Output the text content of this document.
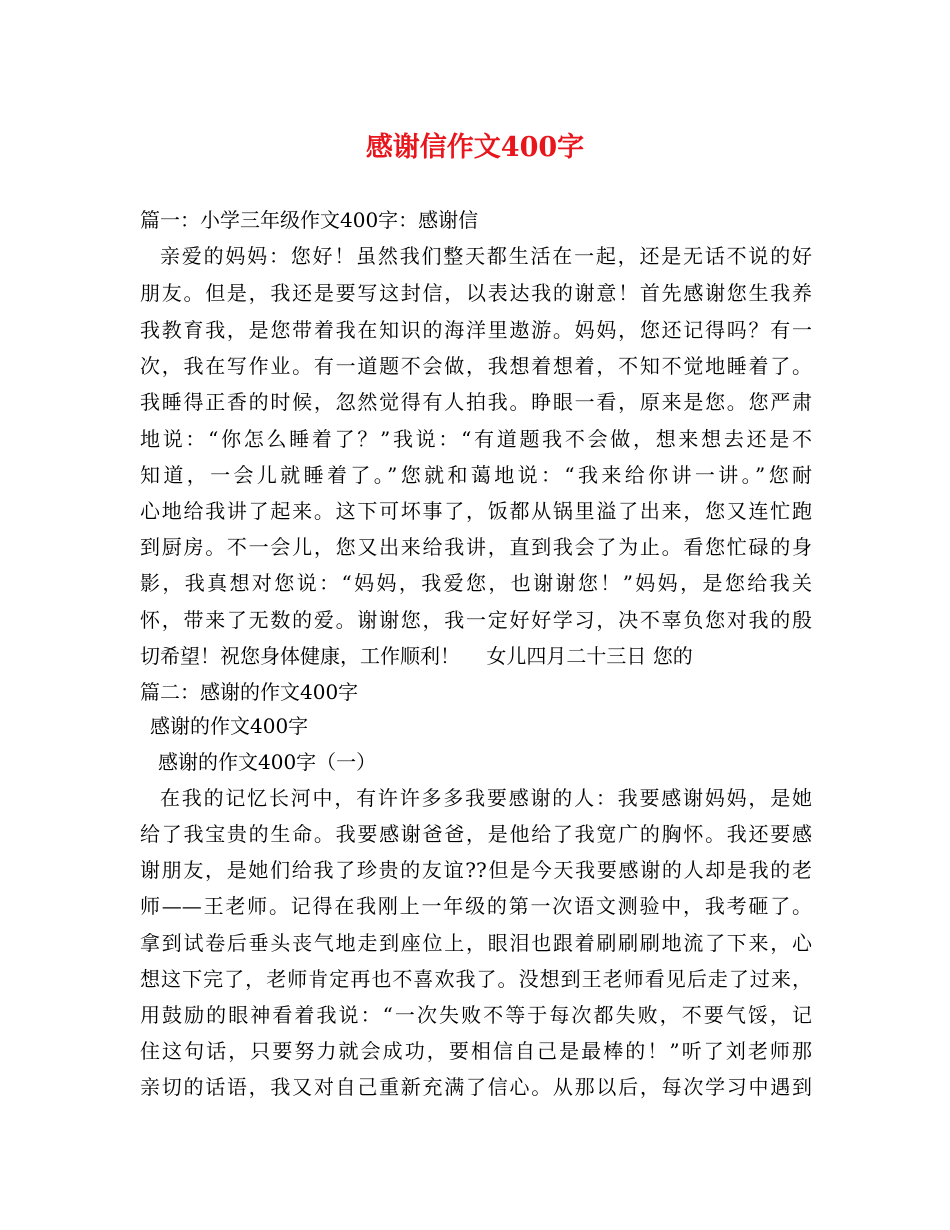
感谢信作文400字
篇一：小学三年级作文400字：感谢信
亲爱的妈妈：您好！虽然我们整天都生活在一起，还是无话不说的好
朋友。但是，我还是要写这封信，以表达我的谢意！首先感谢您生我养
我教育我，是您带着我在知识的海洋里遨游。妈妈，您还记得吗？有一
次，我在写作业。有一道题不会做，我想着想着，不知不觉地睡着了。
我睡得正香的时候，忽然觉得有人拍我。睁眼一看，原来是您。您严肃
地说：“你怎么睡着了？”我说：“有道题我不会做，想来想去还是不
知道，一会儿就睡着了。”您就和蔼地说：“我来给你讲一讲。”您耐
心地给我讲了起来。这下可坏事了，饭都从锅里溢了出来，您又连忙跑
到厨房。不一会儿，您又出来给我讲，直到我会了为止。看您忙碌的身
影，我真想对您说：“妈妈，我爱您，也谢谢您！”妈妈，是您给我关
怀，带来了无数的爱。谢谢您，我一定好好学习，决不辜负您对我的殷
切希望！祝您身体健康，工作顺利！　 女儿四月二十三日 您的
篇二：感谢的作文400字
感谢的作文400字
感谢的作文400字（一）
在我的记忆长河中，有许许多多我要感谢的人：我要感谢妈妈，是她
给了我宝贵的生命。我要感谢爸爸，是他给了我宽广的胸怀。我还要感
谢朋友，是她们给我了珍贵的友谊??但是今天我要感谢的人却是我的老
师——王老师。记得在我刚上一年级的第一次语文测验中，我考砸了。
拿到试卷后垂头丧气地走到座位上，眼泪也跟着刷刷刷地流了下来，心
想这下完了，老师肯定再也不喜欢我了。没想到王老师看见后走了过来，
用鼓励的眼神看着我说：“一次失败不等于每次都失败，不要气馁，记
住这句话，只要努力就会成功，要相信自己是最棒的！”听了刘老师那
亲切的话语，我又对自己重新充满了信心。从那以后，每次学习中遇到
